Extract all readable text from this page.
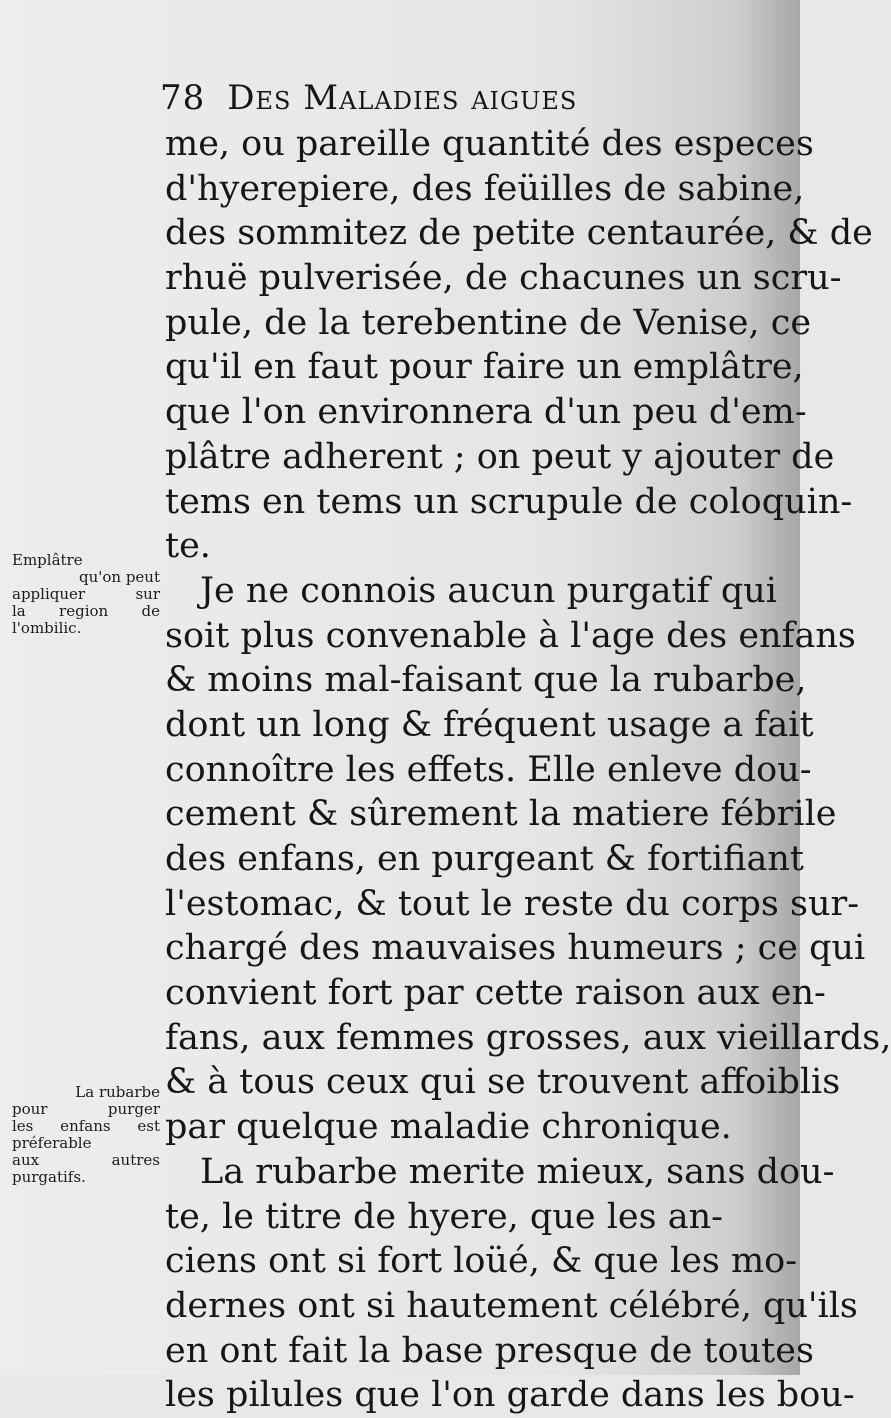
78 Des Maladies aigues
me, ou pareille quantité des especes
d'hyerepiere, des feüilles de sabine,
des sommitez de petite centaurée, & de
rhuë pulverisée, de chacunes un scru-
pule, de la terebentine de Venise, ce
qu'il en faut pour faire un emplâtre,
que l'on environnera d'un peu d'em-
plâtre adherent ; on peut y ajouter de
tems en tems un scrupule de coloquin-
te.
Je ne connois aucun purgatif qui
soit plus convenable à l'age des enfans
& moins mal-faisant que la rubarbe,
dont un long & fréquent usage a fait
connoître les effets. Elle enleve dou-
cement & sûrement la matiere fébrile
des enfans, en purgeant & fortifiant
l'estomac, & tout le reste du corps sur-
chargé des mauvaises humeurs ; ce qui
convient fort par cette raison aux en-
fans, aux femmes grosses, aux vieillards,
& à tous ceux qui se trouvent affoiblis
par quelque maladie chronique.
La rubarbe merite mieux, sans dou-
te, le titre de hyere, que les an-
ciens ont si fort loüé, & que les mo-
dernes ont si hautement célébré, qu'ils
en ont fait la base presque de toutes
les pilules que l'on garde dans les bou-
Emplâtre
qu'on peut
appliquer sur
la region de
l'ombilic.
La rubarbe
pour purger
les enfans est
préferable
aux autres
purgatifs.
